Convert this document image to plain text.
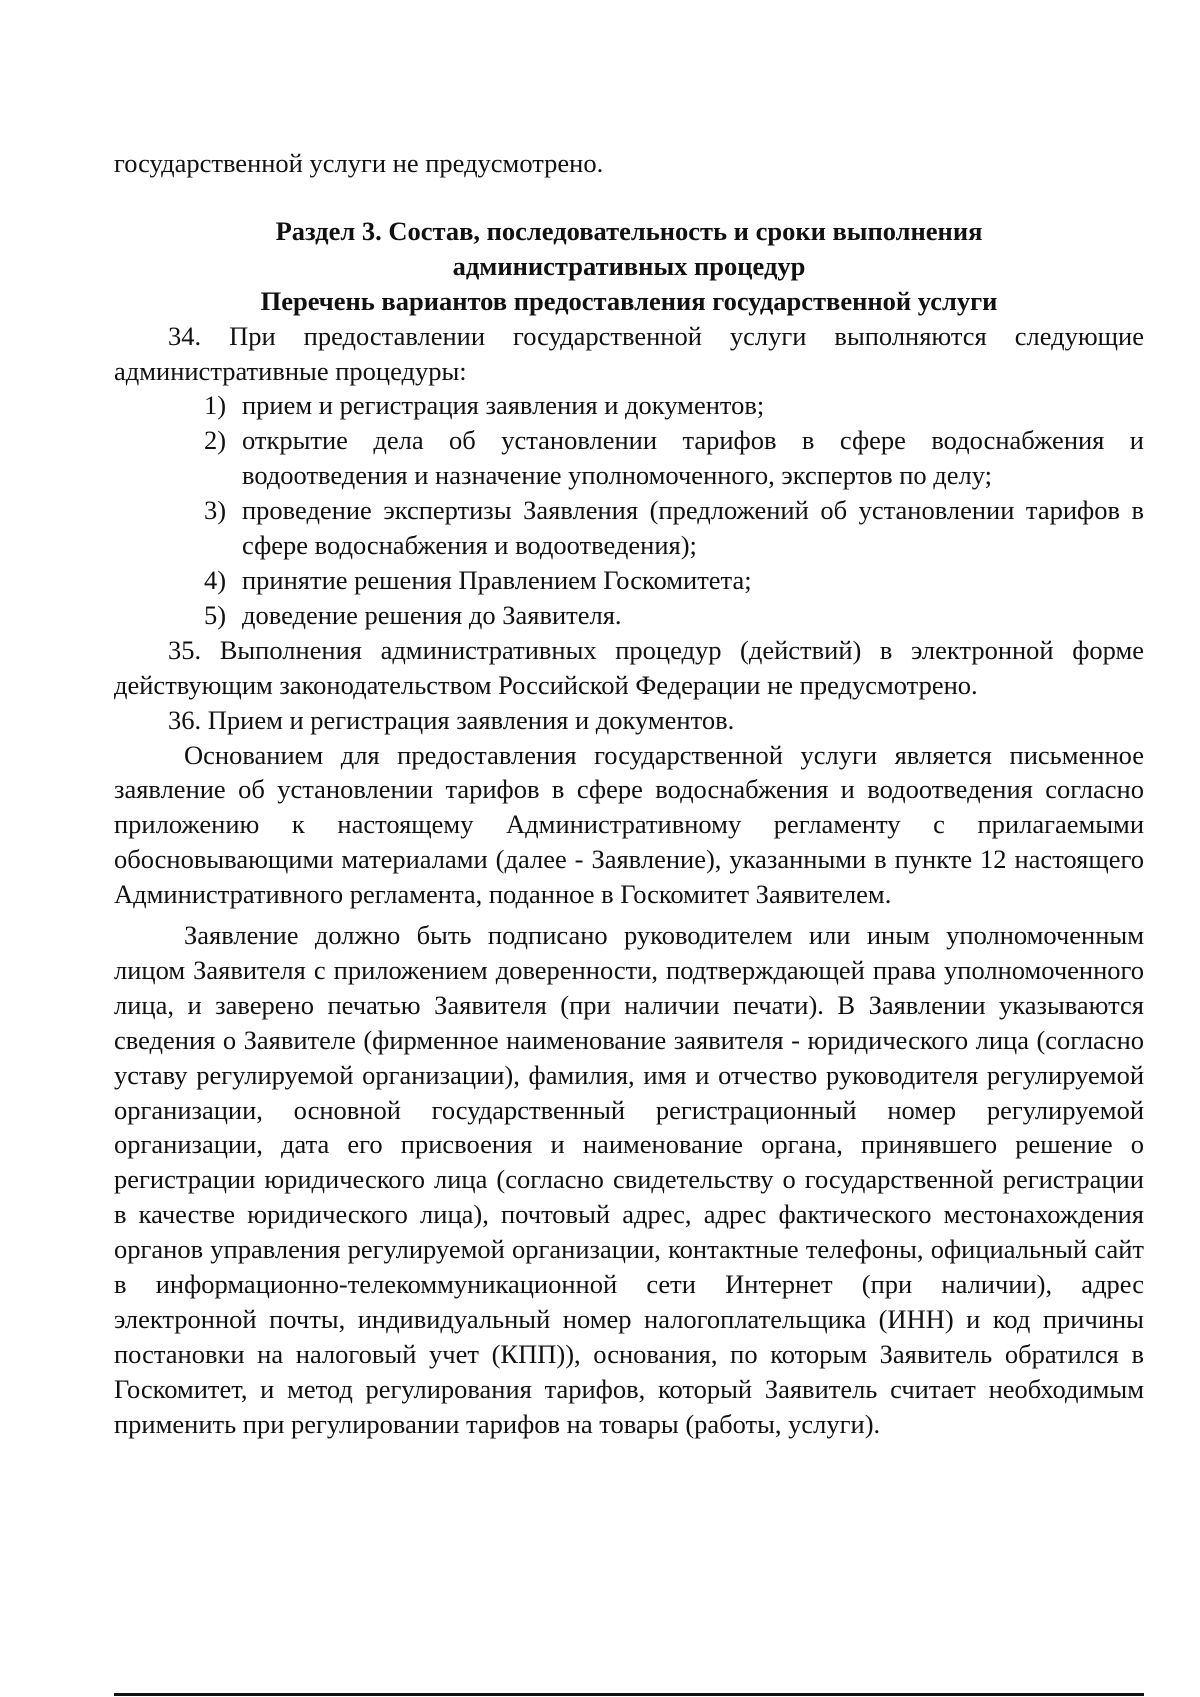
государственной услуги не предусмотрено.

Раздел 3. Состав, последовательность и сроки выполнения

административных процедур

Перечень вариантов предоставления государственной услуги

34. При предоставлении государственной услуги выполняются следующие административные процедуры:

1) прием и регистрация заявления и документов;
2) открытие дела об установлении тарифов в сфере водоснабжения и водоотведения и назначение уполномоченного, экспертов по делу;
3) проведение экспертизы Заявления (предложений об установлении тарифов в сфере водоснабжения и водоотведения);
4) принятие решения Правлением Госкомитета;
5) доведение решения до Заявителя.

35. Выполнения административных процедур (действий) в электронной форме действующим законодательством Российской Федерации не предусмотрено.

36. Прием и регистрация заявления и документов.

Основанием для предоставления государственной услуги является письменное заявление об установлении тарифов в сфере водоснабжения и водоотведения согласно приложению к настоящему Административному регламенту с прилагаемыми обосновывающими материалами (далее - Заявление), указанными в пункте 12 настоящего Административного регламента, поданное в Госкомитет Заявителем.

Заявление должно быть подписано руководителем или иным уполномоченным лицом Заявителя с приложением доверенности, подтверждающей права уполномоченного лица, и заверено печатью Заявителя (при наличии печати). В Заявлении указываются сведения о Заявителе (фирменное наименование заявителя - юридического лица (согласно уставу регулируемой организации), фамилия, имя и отчество руководителя регулируемой организации, основной государственный регистрационный номер регулируемой организации, дата его присвоения и наименование органа, принявшего решение о регистрации юридического лица (согласно свидетельству о государственной регистрации в качестве юридического лица), почтовый адрес, адрес фактического местонахождения органов управления регулируемой организации, контактные телефоны, официальный сайт в информационно-телекоммуникационной сети Интернет (при наличии), адрес электронной почты, индивидуальный номер налогоплательщика (ИНН) и код причины постановки на налоговый учет (КПП)), основания, по которым Заявитель обратился в Госкомитет, и метод регулирования тарифов, который Заявитель считает необходимым применить при регулировании тарифов на товары (работы, услуги).
